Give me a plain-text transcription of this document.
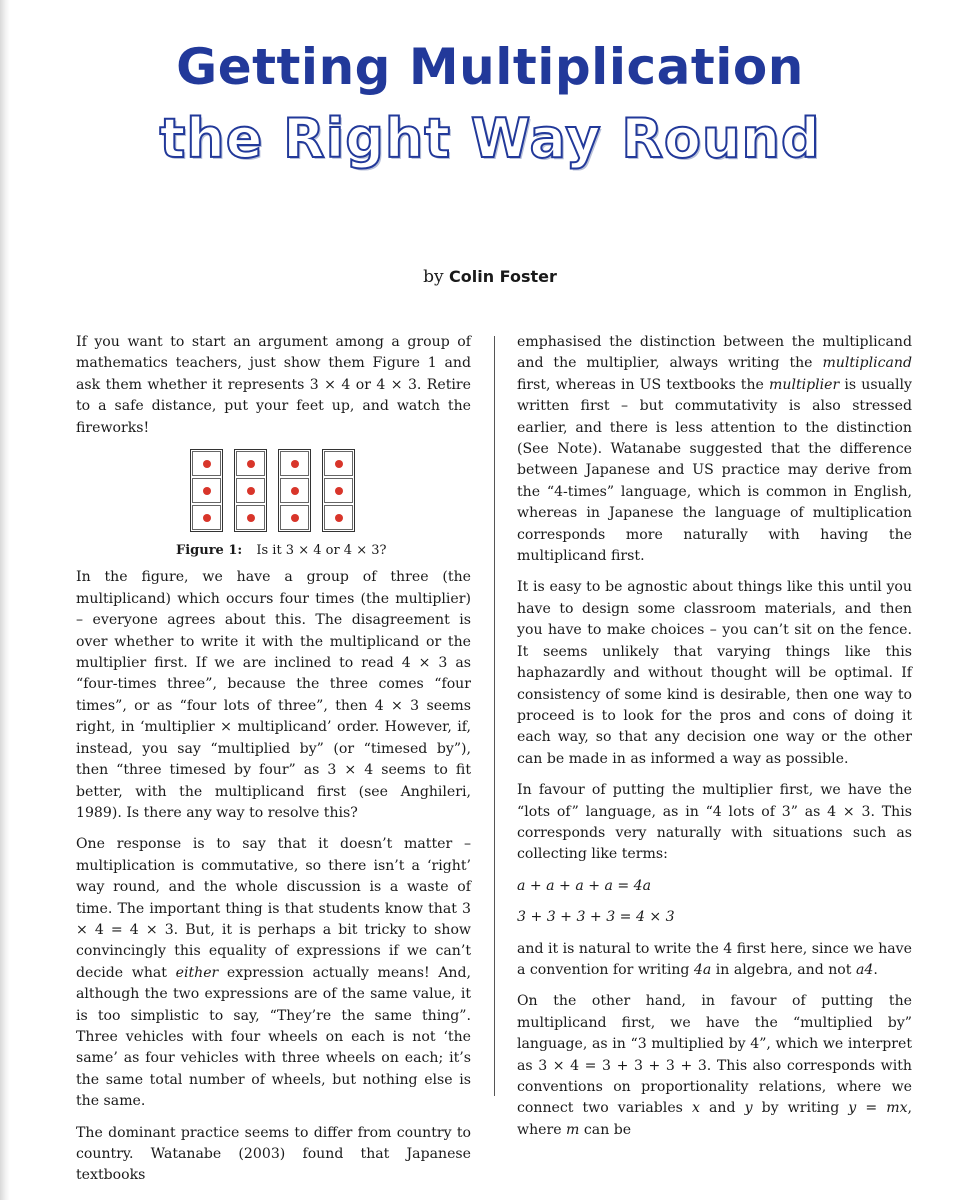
Getting Multiplication
the Right Way Round
by Colin Foster

If you want to start an argument among a group of mathematics teachers, just show them Figure 1 and ask them whether it represents 3 × 4 or 4 × 3. Retire to a safe distance, put your feet up, and watch the fireworks!

Figure 1: Is it 3 × 4 or 4 × 3?

In the figure, we have a group of three (the multiplicand) which occurs four times (the multiplier) – everyone agrees about this. The disagreement is over whether to write it with the multiplicand or the multiplier first. If we are inclined to read 4 × 3 as “four-times three”, because the three comes “four times”, or as “four lots of three”, then 4 × 3 seems right, in ‘multiplier × multiplicand’ order. However, if, instead, you say “multiplied by” (or “timesed by”), then “three timesed by four” as 3 × 4 seems to fit better, with the multiplicand first (see Anghileri, 1989). Is there any way to resolve this?

One response is to say that it doesn’t matter – multiplication is commutative, so there isn’t a ‘right’ way round, and the whole discussion is a waste of time. The important thing is that students know that 3 × 4 = 4 × 3. But, it is perhaps a bit tricky to show convincingly this equality of expressions if we can’t decide what either expression actually means! And, although the two expressions are of the same value, it is too simplistic to say, “They’re the same thing”. Three vehicles with four wheels on each is not ‘the same’ as four vehicles with three wheels on each; it’s the same total number of wheels, but nothing else is the same.

The dominant practice seems to differ from country to country. Watanabe (2003) found that Japanese textbooks

emphasised the distinction between the multiplicand and the multiplier, always writing the multiplicand first, whereas in US textbooks the multiplier is usually written first – but commutativity is also stressed earlier, and there is less attention to the distinction (See Note). Watanabe suggested that the difference between Japanese and US practice may derive from the “4-times” language, which is common in English, whereas in Japanese the language of multiplication corresponds more naturally with having the multiplicand first.

It is easy to be agnostic about things like this until you have to design some classroom materials, and then you have to make choices – you can’t sit on the fence. It seems unlikely that varying things like this haphazardly and without thought will be optimal. If consistency of some kind is desirable, then one way to proceed is to look for the pros and cons of doing it each way, so that any decision one way or the other can be made in as informed a way as possible.

In favour of putting the multiplier first, we have the “lots of” language, as in “4 lots of 3” as 4 × 3. This corresponds very naturally with situations such as collecting like terms:

a + a + a + a = 4a

3 + 3 + 3 + 3 = 4 × 3

and it is natural to write the 4 first here, since we have a convention for writing 4a in algebra, and not a4.

On the other hand, in favour of putting the multiplicand first, we have the “multiplied by” language, as in “3 multiplied by 4”, which we interpret as 3 × 4 = 3 + 3 + 3 + 3. This also corresponds with conventions on proportionality relations, where we connect two variables x and y by writing y = mx, where m can be
